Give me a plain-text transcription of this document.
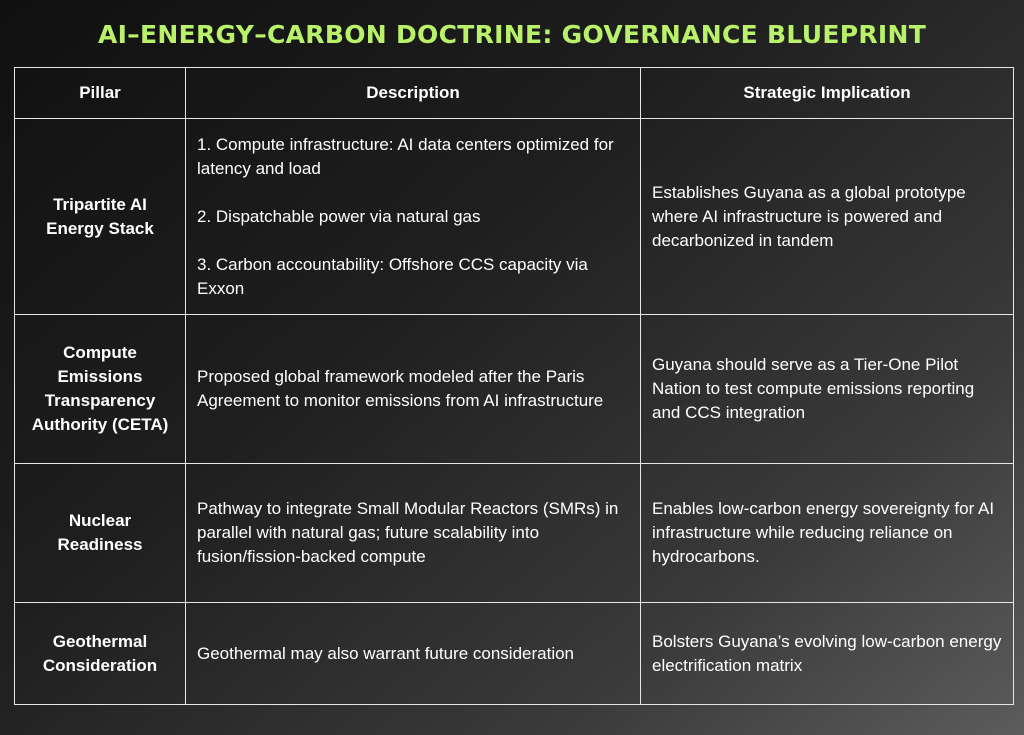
AI–ENERGY–CARBON DOCTRINE: GOVERNANCE BLUEPRINT
Pillar	Description	Strategic Implication
Tripartite AI Energy Stack	1. Compute infrastructure: AI data centers optimized for latency and load
2. Dispatchable power via natural gas
3. Carbon accountability: Offshore CCS capacity via Exxon	Establishes Guyana as a global prototype where AI infrastructure is powered and decarbonized in tandem
Compute Emissions Transparency Authority (CETA)	Proposed global framework modeled after the Paris Agreement to monitor emissions from AI infrastructure	Guyana should serve as a Tier-One Pilot Nation to test compute emissions reporting and CCS integration
Nuclear Readiness	Pathway to integrate Small Modular Reactors (SMRs) in parallel with natural gas; future scalability into fusion/fission-backed compute	Enables low-carbon energy sovereignty for AI infrastructure while reducing reliance on hydrocarbons.
Geothermal Consideration	Geothermal may also warrant future consideration	Bolsters Guyana’s evolving low-carbon energy electrification matrix
